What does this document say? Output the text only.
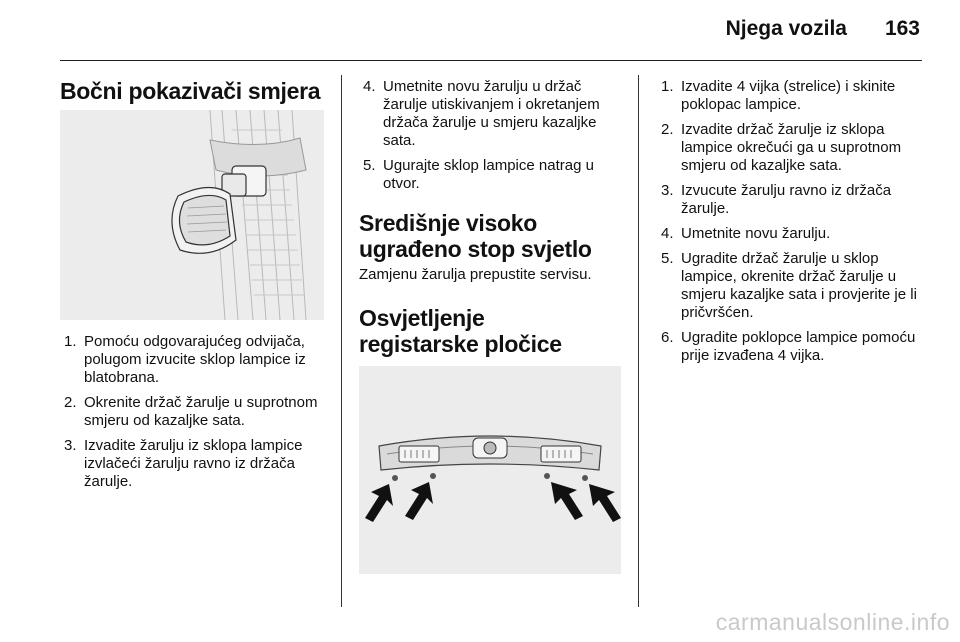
Njega vozila 163
Bočni pokazivači smjera
1. Pomoću odgovarajućeg odvijača, polugom izvucite sklop lampice iz blatobrana.
2. Okrenite držač žarulje u suprotnom smjeru od kazaljke sata.
3. Izvadite žarulju iz sklopa lampice izvlačeći žarulju ravno iz držača žarulje.
4. Umetnite novu žarulju u držač žarulje utiskivanjem i okretanjem držača žarulje u smjeru kazaljke sata.
5. Ugurajte sklop lampice natrag u otvor.
Središnje visoko ugrađeno stop svjetlo
Zamjenu žarulja prepustite servisu.
Osvjetljenje registarske pločice
1. Izvadite 4 vijka (strelice) i skinite poklopac lampice.
2. Izvadite držač žarulje iz sklopa lampice okrečući ga u suprotnom smjeru od kazaljke sata.
3. Izvucute žarulju ravno iz držača žarulje.
4. Umetnite novu žarulju.
5. Ugradite držač žarulje u sklop lampice, okrenite držač žarulje u smjeru kazaljke sata i provjerite je li pričvršćen.
6. Ugradite poklopce lampice pomoću prije izvađena 4 vijka.
carmanualsonline.info
